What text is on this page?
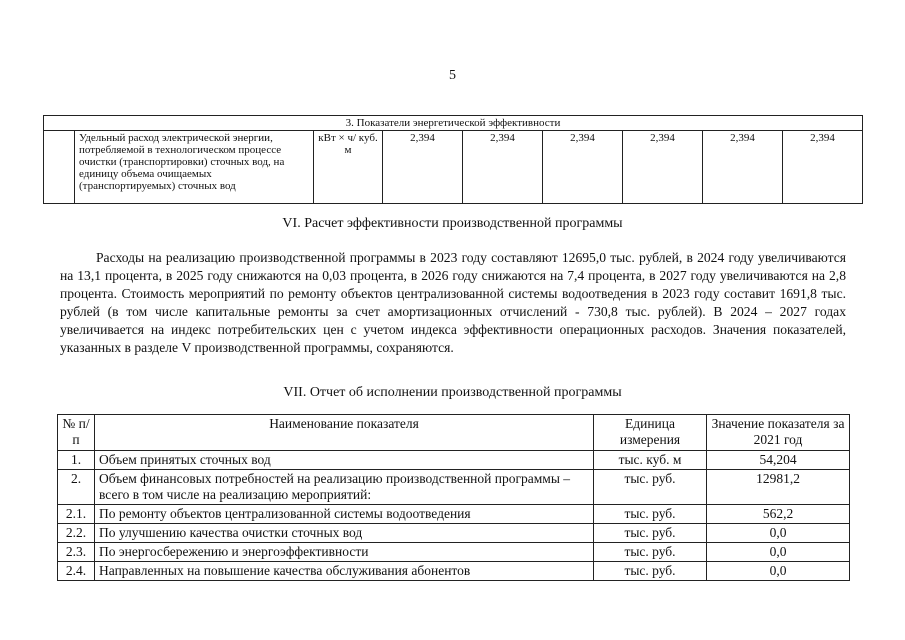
5
3. Показатели энергетической эффективности
	Удельный расход электрической энергии, потребляемой в технологическом процессе очистки (транспортировки) сточных вод, на единицу объема очищаемых (транспортируемых) сточных вод	кВт × ч/ куб. м	2,394	2,394	2,394	2,394	2,394	2,394
VI. Расчет эффективности производственной программы

Расходы на реализацию производственной программы в 2023 году составляют 12695,0 тыс. рублей, в 2024 году увеличиваются на 13,1 процента, в 2025 году снижаются на 0,03 процента, в 2026 году снижаются на 7,4 процента, в 2027 году увеличиваются на 2,8 процента. Стоимость мероприятий по ремонту объектов централизованной системы водоотведения в 2023 году составит 1691,8 тыс. рублей (в том числе капитальные ремонты за счет амортизационных отчислений - 730,8 тыс. рублей). В 2024 – 2027 годах увеличивается на индекс потребительских цен с учетом индекса эффективности операционных расходов. Значения показателей, указанных в разделе V производственной программы, сохраняются.

VII. Отчет об исполнении производственной программы
№ п/п	Наименование показателя	Единица измерения	Значение показателя за 2021 год
1.	Объем принятых сточных вод	тыс. куб. м	54,204
2.	Объем финансовых потребностей на реализацию производственной программы – всего в том числе на реализацию мероприятий:	тыс. руб.	12981,2
2.1.	По ремонту объектов централизованной системы водоотведения	тыс. руб.	562,2
2.2.	По улучшению качества очистки сточных вод	тыс. руб.	0,0
2.3.	По энергосбережению и энергоэффективности	тыс. руб.	0,0
2.4.	Направленных на повышение качества обслуживания абонентов	тыс. руб.	0,0
